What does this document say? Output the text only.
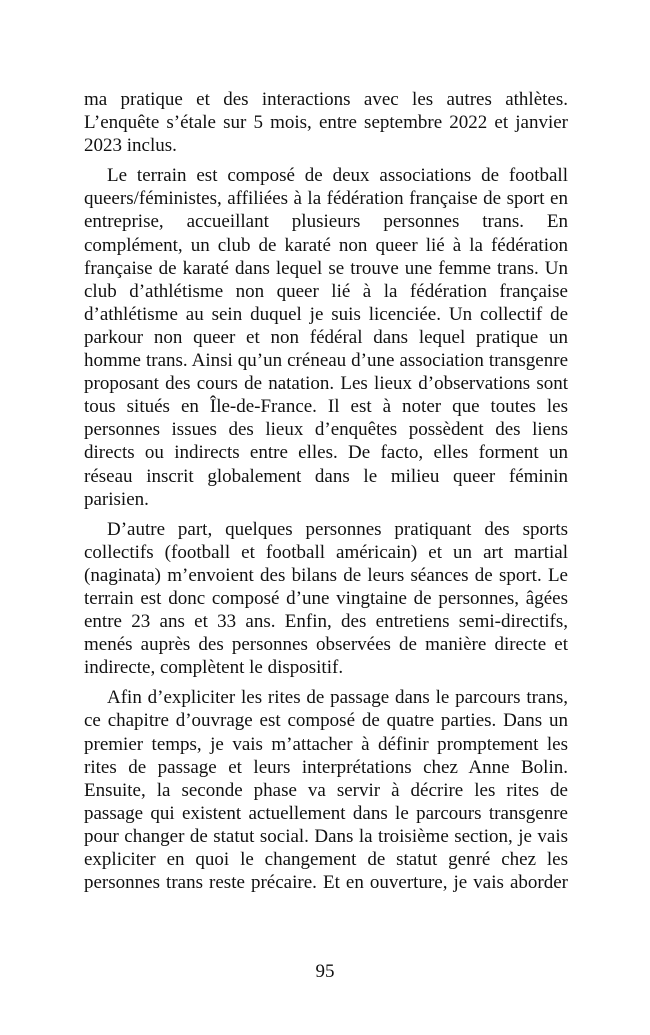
ma pratique et des interactions avec les autres athlètes. L’enquête s’étale sur 5 mois, entre septembre 2022 et janvier 2023 inclus.

Le terrain est composé de deux associations de football queers/féministes, affiliées à la fédération française de sport en entreprise, accueillant plusieurs personnes trans. En complément, un club de karaté non queer lié à la fédération française de karaté dans lequel se trouve une femme trans. Un club d’athlétisme non queer lié à la fédération française d’athlétisme au sein duquel je suis licenciée. Un collectif de parkour non queer et non fédéral dans lequel pratique un homme trans. Ainsi qu’un créneau d’une association transgenre proposant des cours de natation. Les lieux d’observations sont tous situés en Île-de-France. Il est à noter que toutes les personnes issues des lieux d’enquêtes possèdent des liens directs ou indirects entre elles. De facto, elles forment un réseau inscrit globalement dans le milieu queer féminin parisien.

D’autre part, quelques personnes pratiquant des sports collectifs (football et football américain) et un art martial (naginata) m’envoient des bilans de leurs séances de sport. Le terrain est donc composé d’une vingtaine de personnes, âgées entre 23 ans et 33 ans. Enfin, des entretiens semi-directifs, menés auprès des personnes observées de manière directe et indirecte, complètent le dispositif.

Afin d’expliciter les rites de passage dans le parcours trans, ce chapitre d’ouvrage est composé de quatre parties. Dans un premier temps, je vais m’attacher à définir promptement les rites de passage et leurs interprétations chez Anne Bolin. Ensuite, la seconde phase va servir à décrire les rites de passage qui existent actuellement dans le parcours transgenre pour changer de statut social. Dans la troisième section, je vais expliciter en quoi le changement de statut genré chez les personnes trans reste précaire. Et en ouverture, je vais aborder

95
